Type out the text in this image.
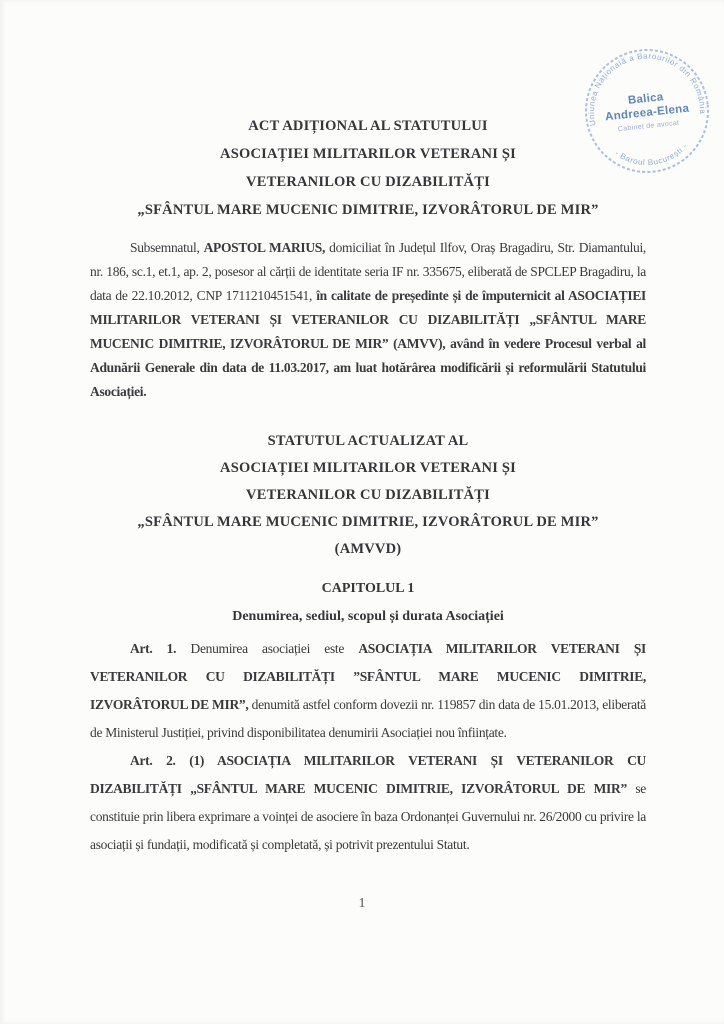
Uniunea Națională a Barourilor din România
- Baroul București -
Balica
Andreea-Elena
Cabinet de avocat
ACT ADIȚIONAL AL STATUTULUI
ASOCIAȚIEI MILITARILOR VETERANI ȘI
VETERANILOR CU DIZABILITĂȚI
„SFÂNTUL MARE MUCENIC DIMITRIE, IZVORÂTORUL DE MIR”

Subsemnatul, APOSTOL MARIUS, domiciliat în Județul Ilfov, Oraș Bragadiru, Str. Diamantului, nr. 186, sc.1, et.1, ap. 2, posesor al cărții de identitate seria IF nr. 335675, eliberată de SPCLEP Bragadiru, la data de 22.10.2012, CNP 1711210451541, în calitate de președinte și de împuternicit al ASOCIAȚIEI MILITARILOR VETERANI ȘI VETERANILOR CU DIZABILITĂȚI „SFÂNTUL MARE MUCENIC DIMITRIE, IZVORÂTORUL DE MIR” (AMVV), având în vedere Procesul verbal al Adunării Generale din data de 11.03.2017, am luat hotărârea modificării și reformulării Statutului Asociației.

STATUTUL ACTUALIZAT AL
ASOCIAȚIEI MILITARILOR VETERANI ȘI
VETERANILOR CU DIZABILITĂȚI
„SFÂNTUL MARE MUCENIC DIMITRIE, IZVORÂTORUL DE MIR”
(AMVVD)
CAPITOLUL 1
Denumirea, sediul, scopul și durata Asociației

Art. 1. Denumirea asociației este ASOCIAȚIA MILITARILOR VETERANI ȘI VETERANILOR CU DIZABILITĂȚI ”SFÂNTUL MARE MUCENIC DIMITRIE, IZVORÂTORUL DE MIR”, denumită astfel conform dovezii nr. 119857 din data de 15.01.2013, eliberată de Ministerul Justiției, privind disponibilitatea denumirii Asociației nou înființate.

Art. 2. (1) ASOCIAȚIA MILITARILOR VETERANI ȘI VETERANILOR CU DIZABILITĂȚI „SFÂNTUL MARE MUCENIC DIMITRIE, IZVORÂTORUL DE MIR” se constituie prin libera exprimare a voinței de asociere în baza Ordonanței Guvernului nr. 26/2000 cu privire la asociații și fundații, modificată și completată, și potrivit prezentului Statut.

1
